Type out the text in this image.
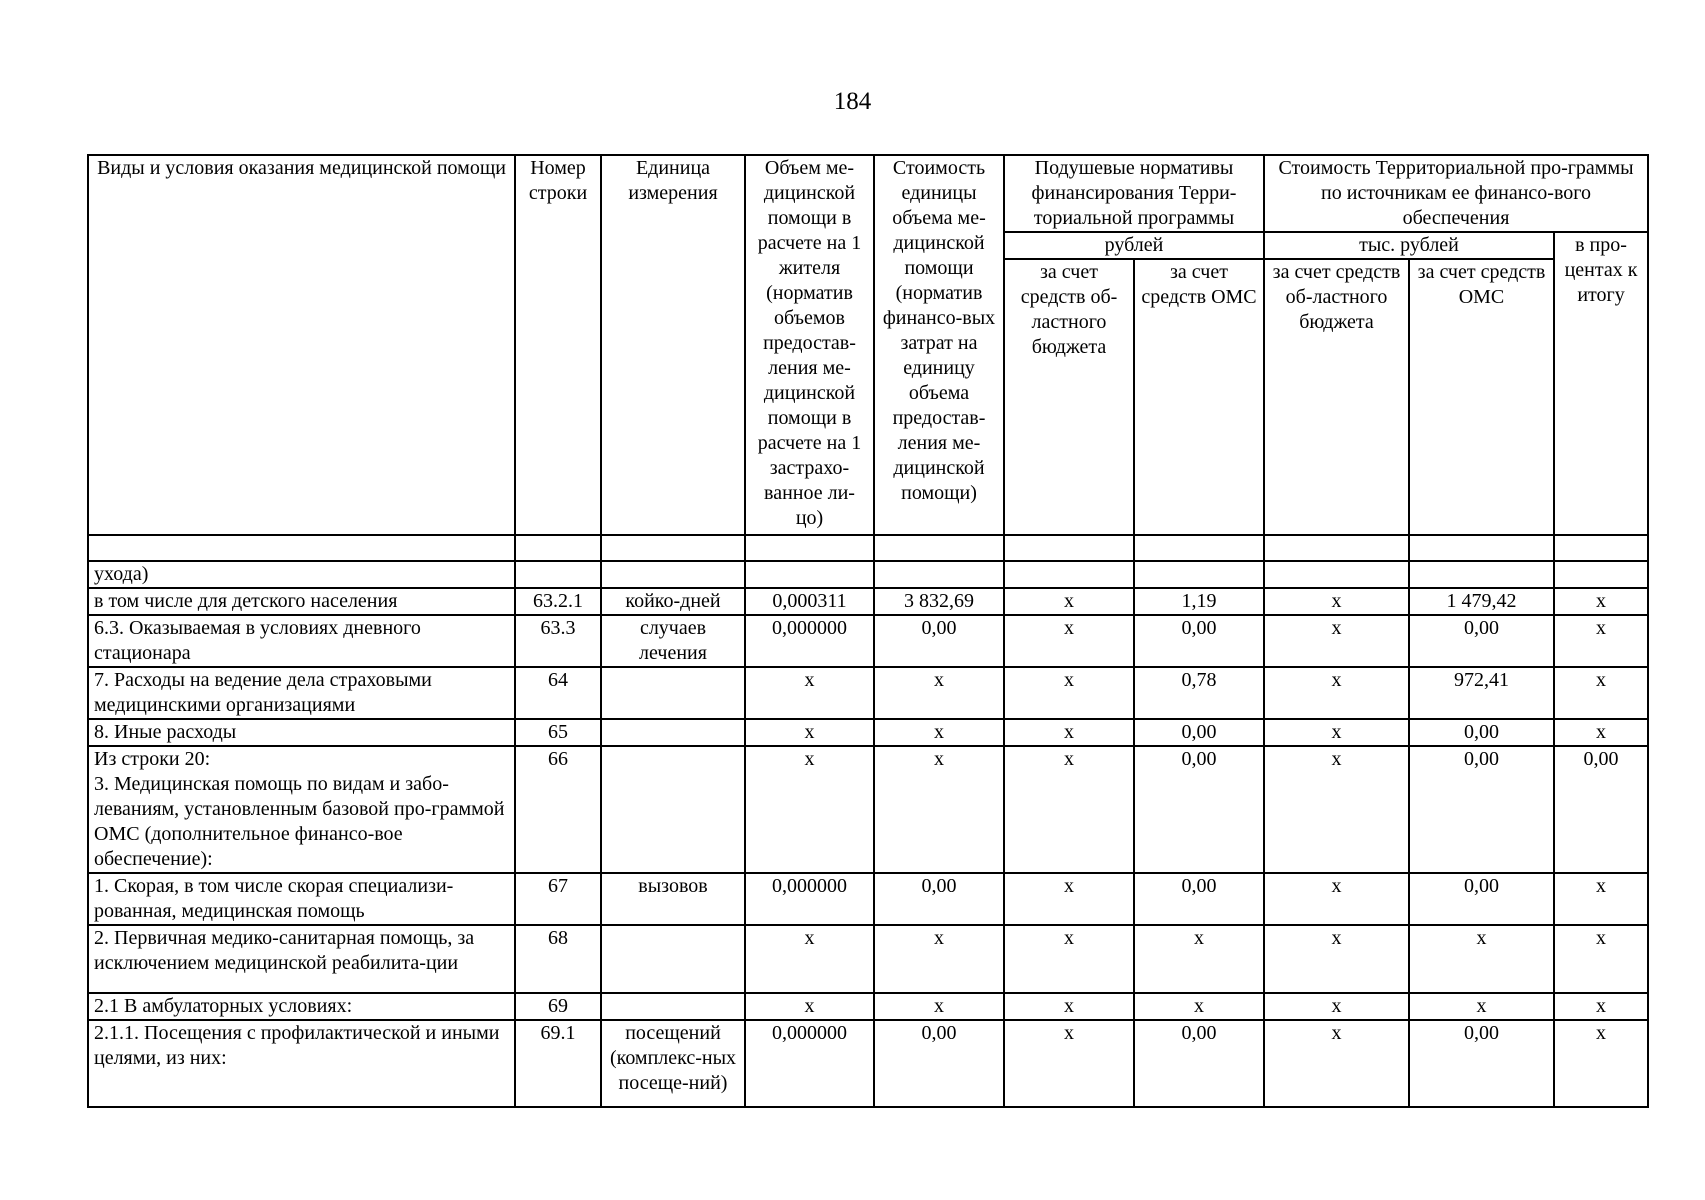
184
Виды и условия оказания медицинской помощи	Номер строки	Единица измерения	Объем ме-дицинской помощи в расчете на 1 жителя (норматив объемов предостав-ления ме-дицинской помощи в расчете на 1 застрахо-ванное ли-цо)	Стоимость единицы объема ме-дицинской помощи (норматив финансо-вых затрат на единицу объема предостав-ления ме-дицинской помощи)	Подушевые нормативы финансирования Терри-ториальной программы		Стоимость Территориальной про-граммы по источникам ее финансо-вого обеспечения		
					рублей		тыс. рублей		в про-центах к итогу
					за счет средств об-ластного бюджета	за счет средств ОМС	за счет средств об-ластного бюджета	за счет средств ОМС	

ухода)									
в том числе для детского населения	63.2.1	койко-дней	0,000311	3 832,69	х	1,19	х	1 479,42	х
6.3. Оказываемая в условиях дневного стационара	63.3	случаев лечения	0,000000	0,00	х	0,00	х	0,00	х
7. Расходы на ведение дела страховыми медицинскими организациями	64		х	х	х	0,78	х	972,41	х
8. Иные расходы	65		х	х	х	0,00	х	0,00	х
Из строки 20:
3. Медицинская помощь по видам и забо-леваниям, установленным базовой про-граммой ОМС (дополнительное финансо-вое обеспечение):	66		х	х	х	0,00	х	0,00	0,00
1. Скорая, в том числе скорая специализи-рованная, медицинская помощь	67	вызовов	0,000000	0,00	х	0,00	х	0,00	х
2. Первичная медико-санитарная помощь, за исключением медицинской реабилита-ции	68		х	х	х	х	х	х	х
2.1 В амбулаторных условиях:	69		х	х	х	х	х	х	х
2.1.1. Посещения с профилактической и иными целями, из них:	69.1	посещений (комплекс-ных посеще-ний)	0,000000	0,00	х	0,00	х	0,00	х
